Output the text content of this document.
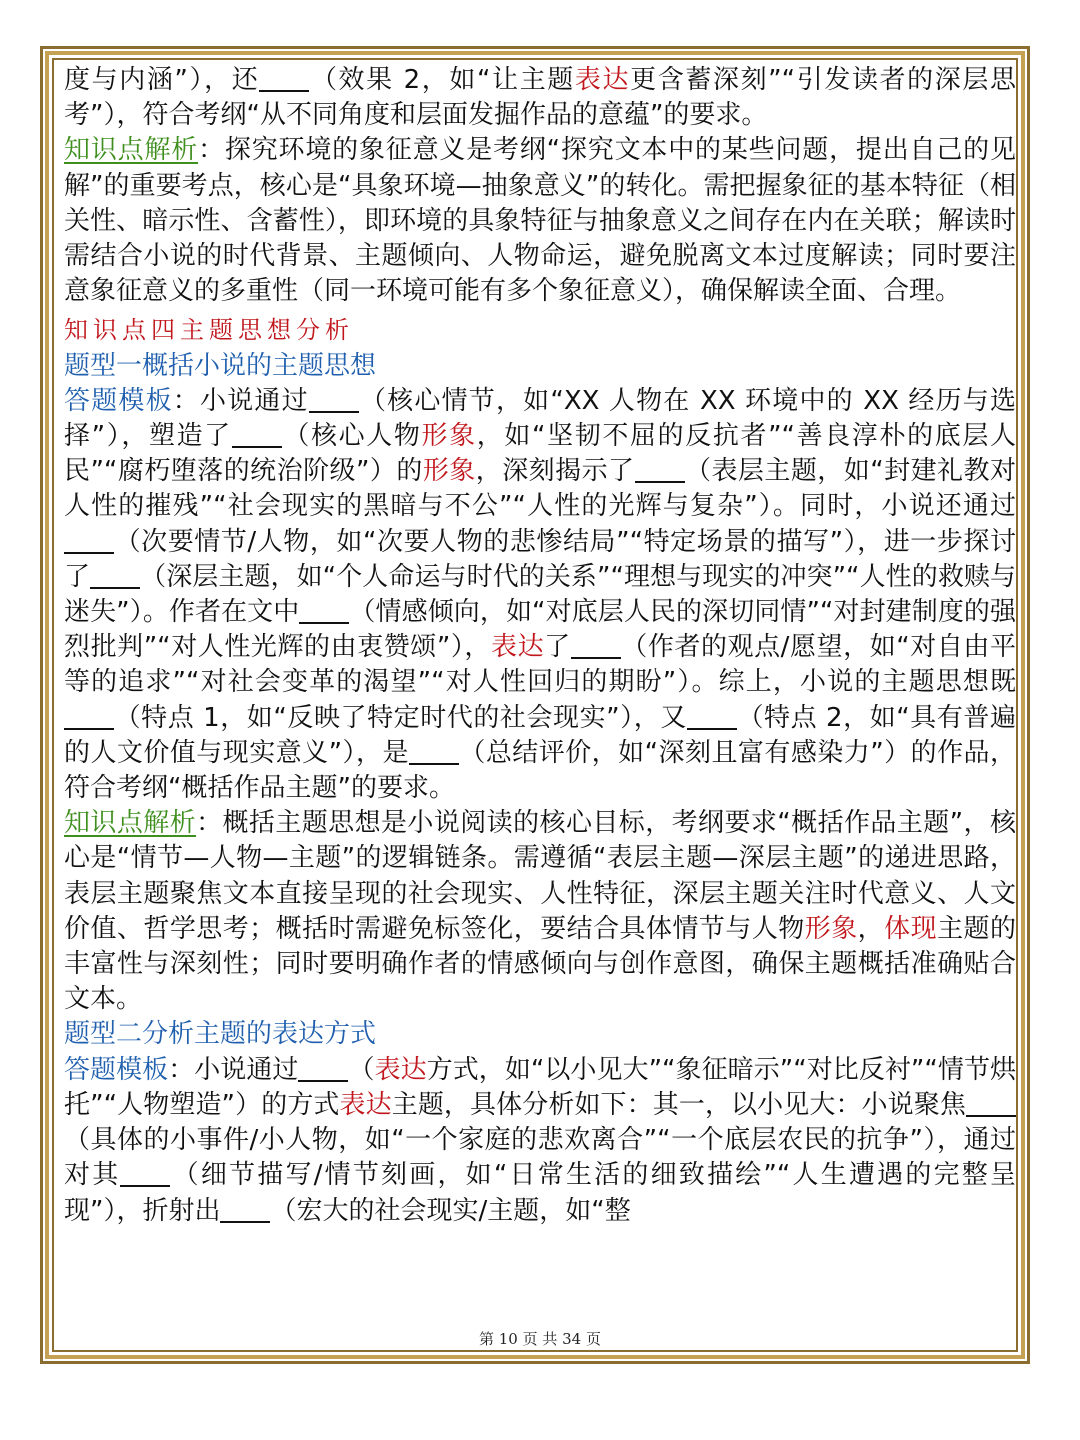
度与内涵”），还 （效果 2，如“让主题表达更含蓄深刻”“引发读者的深层思考”），符合考纲“从不同角度和层面发掘作品的意蕴”的要求。

知识点解析：探究环境的象征意义是考纲“探究文本中的某些问题，提出自己的见解”的重要考点，核心是“具象环境—抽象意义”的转化。需把握象征的基本特征（相关性、暗示性、含蓄性），即环境的具象特征与抽象意义之间存在内在关联；解读时需结合小说的时代背景、主题倾向、人物命运，避免脱离文本过度解读；同时要注意象征意义的多重性（同一环境可能有多个象征意义），确保解读全面、合理。

知识点四主题思想分析

题型一概括小说的主题思想

答题模板：小说通过 （核心情节，如“XX 人物在 XX 环境中的 XX 经历与选择”），塑造了 （核心人物形象，如“坚韧不屈的反抗者”“善良淳朴的底层人民”“腐朽堕落的统治阶级”）的形象，深刻揭示了 （表层主题，如“封建礼教对人性的摧残”“社会现实的黑暗与不公”“人性的光辉与复杂”）。同时，小说还通过（次要情节/人物，如“次要人物的悲惨结局”“特定场景的描写”），进一步探讨了 （深层主题，如“个人命运与时代的关系”“理想与现实的冲突”“人性的救赎与迷失”）。作者在文中 （情感倾向，如“对底层人民的深切同情”“对封建制度的强烈批判”“对人性光辉的由衷赞颂”），表达了 （作者的观点/愿望，如“对自由平等的追求”“对社会变革的渴望”“对人性回归的期盼”）。综上，小说的主题思想既（特点 1，如“反映了特定时代的社会现实”），又 （特点 2，如“具有普遍的人文价值与现实意义”），是 （总结评价，如“深刻且富有感染力”）的作品，符合考纲“概括作品主题”的要求。

知识点解析：概括主题思想是小说阅读的核心目标，考纲要求“概括作品主题”，核心是“情节—人物—主题”的逻辑链条。需遵循“表层主题—深层主题”的递进思路，表层主题聚焦文本直接呈现的社会现实、人性特征，深层主题关注时代意义、人文价值、哲学思考；概括时需避免标签化，要结合具体情节与人物形象，体现主题的丰富性与深刻性；同时要明确作者的情感倾向与创作意图，确保主题概括准确贴合文本。

题型二分析主题的表达方式

答题模板：小说通过 （表达方式，如“以小见大”“象征暗示”“对比反衬”“情节烘托”“人物塑造”）的方式表达主题，具体分析如下：其一，以小见大：小说聚焦（具体的小事件/小人物，如“一个家庭的悲欢离合”“一个底层农民的抗争”），通过对其 （细节描写/情节刻画，如“日常生活的细致描绘”“人生遭遇的完整呈现”），折射出 （宏大的社会现实/主题，如“整

第 10 页 共 34 页
